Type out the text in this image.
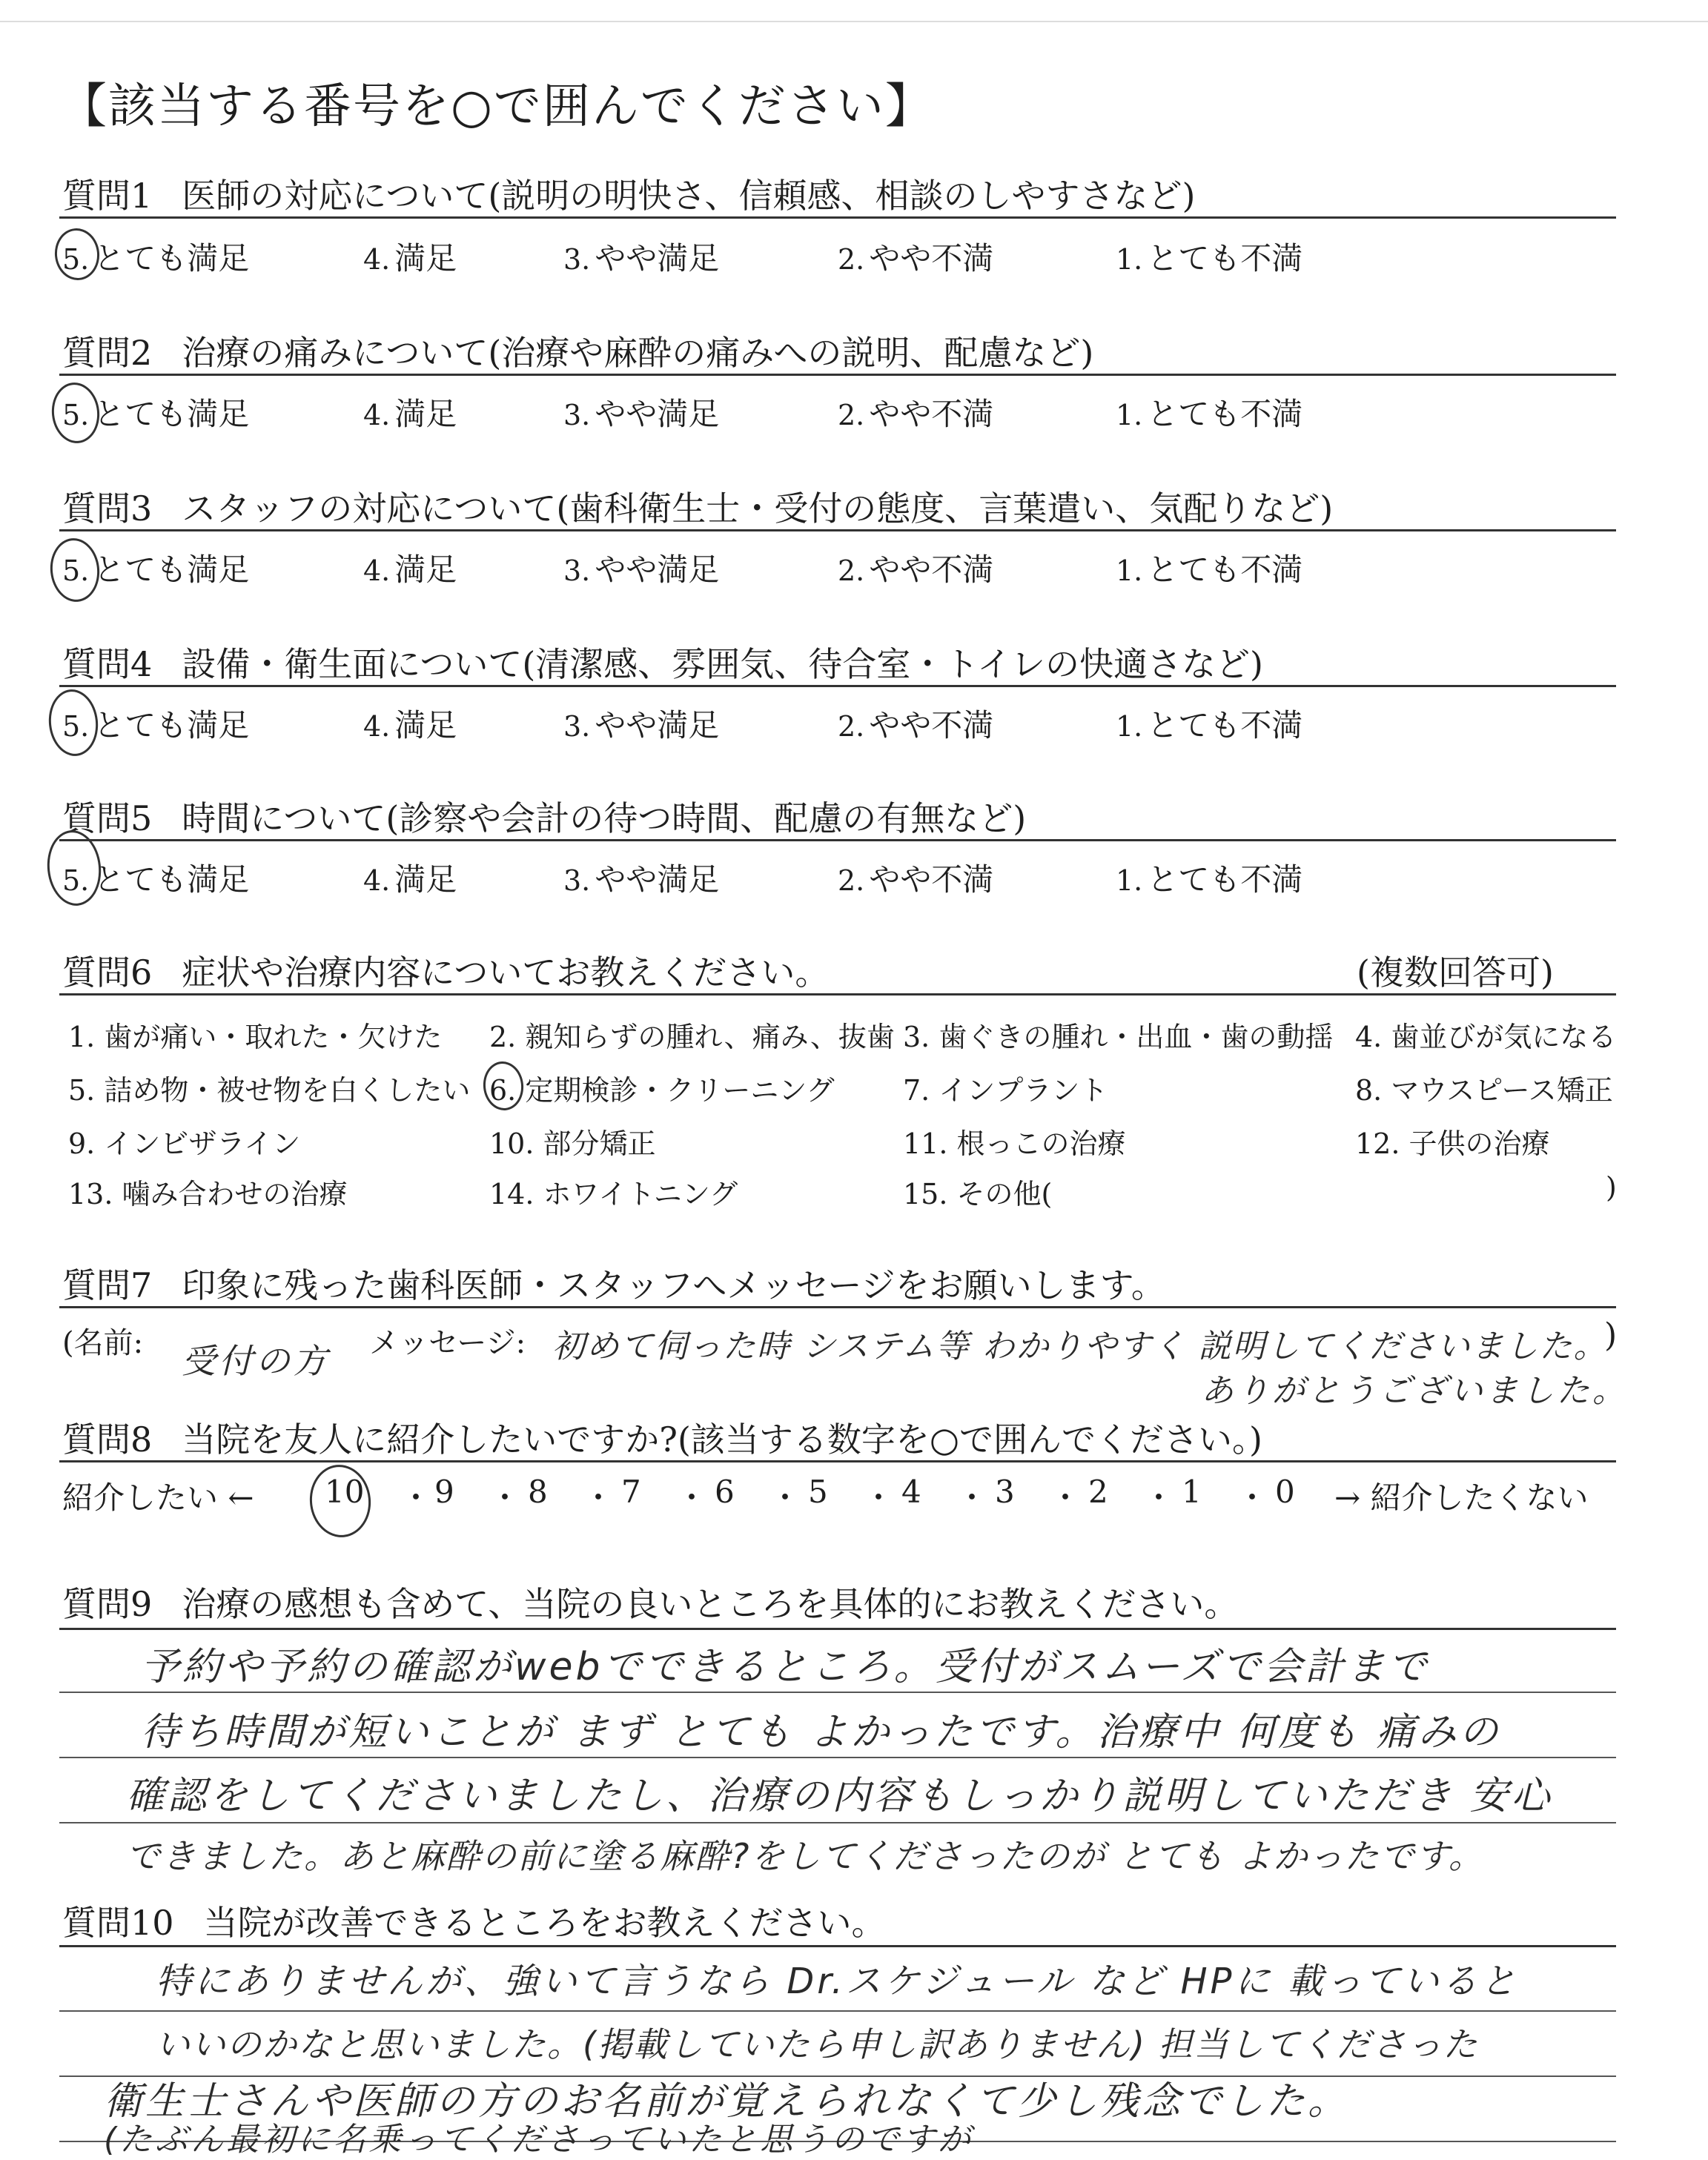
【該当する番号を○で囲んでください】
質問1 医師の対応について(説明の明快さ、信頼感、相談のしやすさなど)
5. とても満足	4. 満足	3. やや満足	2. やや不満	1. とても不満
質問2 治療の痛みについて(治療や麻酔の痛みへの説明、配慮など)
5. とても満足	4. 満足	3. やや満足	2. やや不満	1. とても不満
質問3 スタッフの対応について(歯科衛生士・受付の態度、言葉遣い、気配りなど)
5. とても満足	4. 満足	3. やや満足	2. やや不満	1. とても不満
質問4 設備・衛生面について(清潔感、雰囲気、待合室・トイレの快適さなど)
5. とても満足	4. 満足	3. やや満足	2. やや不満	1. とても不満
質問5 時間について(診察や会計の待つ時間、配慮の有無など)
5. とても満足	4. 満足	3. やや満足	2. やや不満	1. とても不満
質問6 症状や治療内容についてお教えください。	(複数回答可)
1. 歯が痛い・取れた・欠けた 2. 親知らずの腫れ、痛み、抜歯 3. 歯ぐきの腫れ・出血・歯の動揺 4. 歯並びが気になる
5. 詰め物・被せ物を白くしたい 6. 定期検診・クリーニング 7. インプラント	8. マウスピース矯正
9. インビザライン	10. 部分矯正	11. 根っこの治療	12. 子供の治療
13. 噛み合わせの治療	14. ホワイトニング	15. その他(	)
質問7 印象に残った歯科医師・スタッフへメッセージをお願いします。
(名前: 受付の方 メッセージ: 初めて伺った時 システム等 わかりやすく 説明してくださいました。
)
ありがとうございました。
質問8 当院を友人に紹介したいですか?(該当する数字を○で囲んでください。)
紹介したい ← 10 9 8 7 6 5 4 3 2 1 0
・ ・ ・ ・ ・ ・ ・ ・ ・ ・ → 紹介したくない
質問9 治療の感想も含めて、当院の良いところを具体的にお教えください。
予約や予約の確認がwebでできるところ。受付がスムーズで会計まで
待ち時間が短いことが まず とても よかったです。治療中 何度も 痛みの
確認をしてくださいましたし、治療の内容もしっかり説明していただき 安心
できました。あと麻酔の前に塗る麻酔?をしてくださったのが とても よかったです。
質問10 当院が改善できるところをお教えください。
特にありませんが、強いて言うなら Dr.スケジュール など HPに 載っていると
いいのかなと思いました。(掲載していたら申し訳ありません) 担当してくださった
衛生士さんや医師の方のお名前が覚えられなくて少し残念でした。
(たぶん最初に名乗ってくださっていたと思うのですが
